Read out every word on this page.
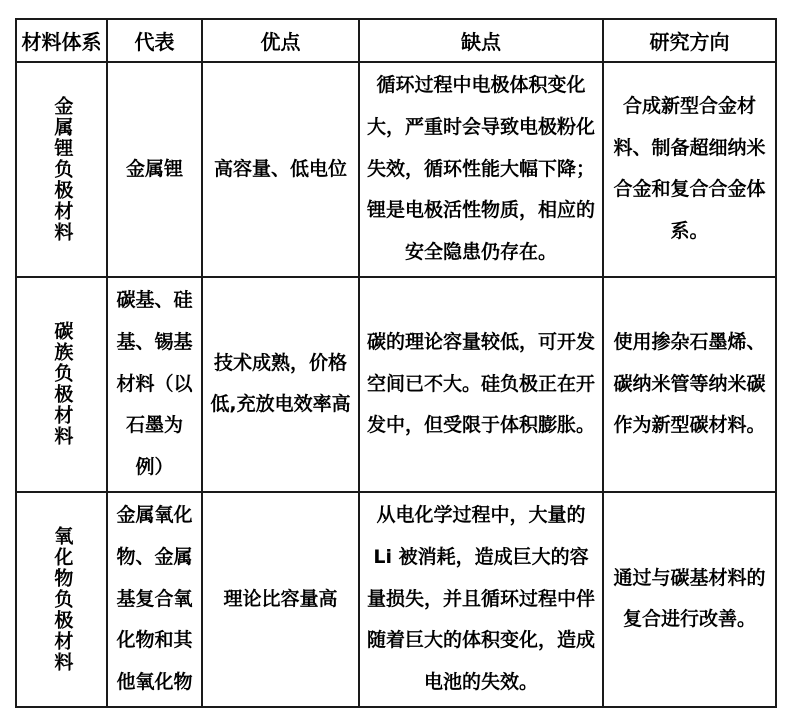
材料体系	代表	优点	缺点	研究方向
金属锂负极材料	金属锂	高容量、低电位	循环过程中电极体积变化大，严重时会导致电极粉化失效，循环性能大幅下降；锂是电极活性物质，相应的安全隐患仍存在。	合成新型合金材料、制备超细纳米合金和复合合金体系。
碳族负极材料	碳基、硅基、锡基材料（以石墨为例）	技术成熟，价格低,充放电效率高	碳的理论容量较低，可开发空间已不大。硅负极正在开发中，但受限于体积膨胀。	使用掺杂石墨烯、碳纳米管等纳米碳作为新型碳材料。
氧化物负极材料	金属氧化物、金属基复合氧化物和其他氧化物	理论比容量高	从电化学过程中，大量的 Li 被消耗，造成巨大的容量损失，并且循环过程中伴随着巨大的体积变化，造成电池的失效。	通过与碳基材料的复合进行改善。
